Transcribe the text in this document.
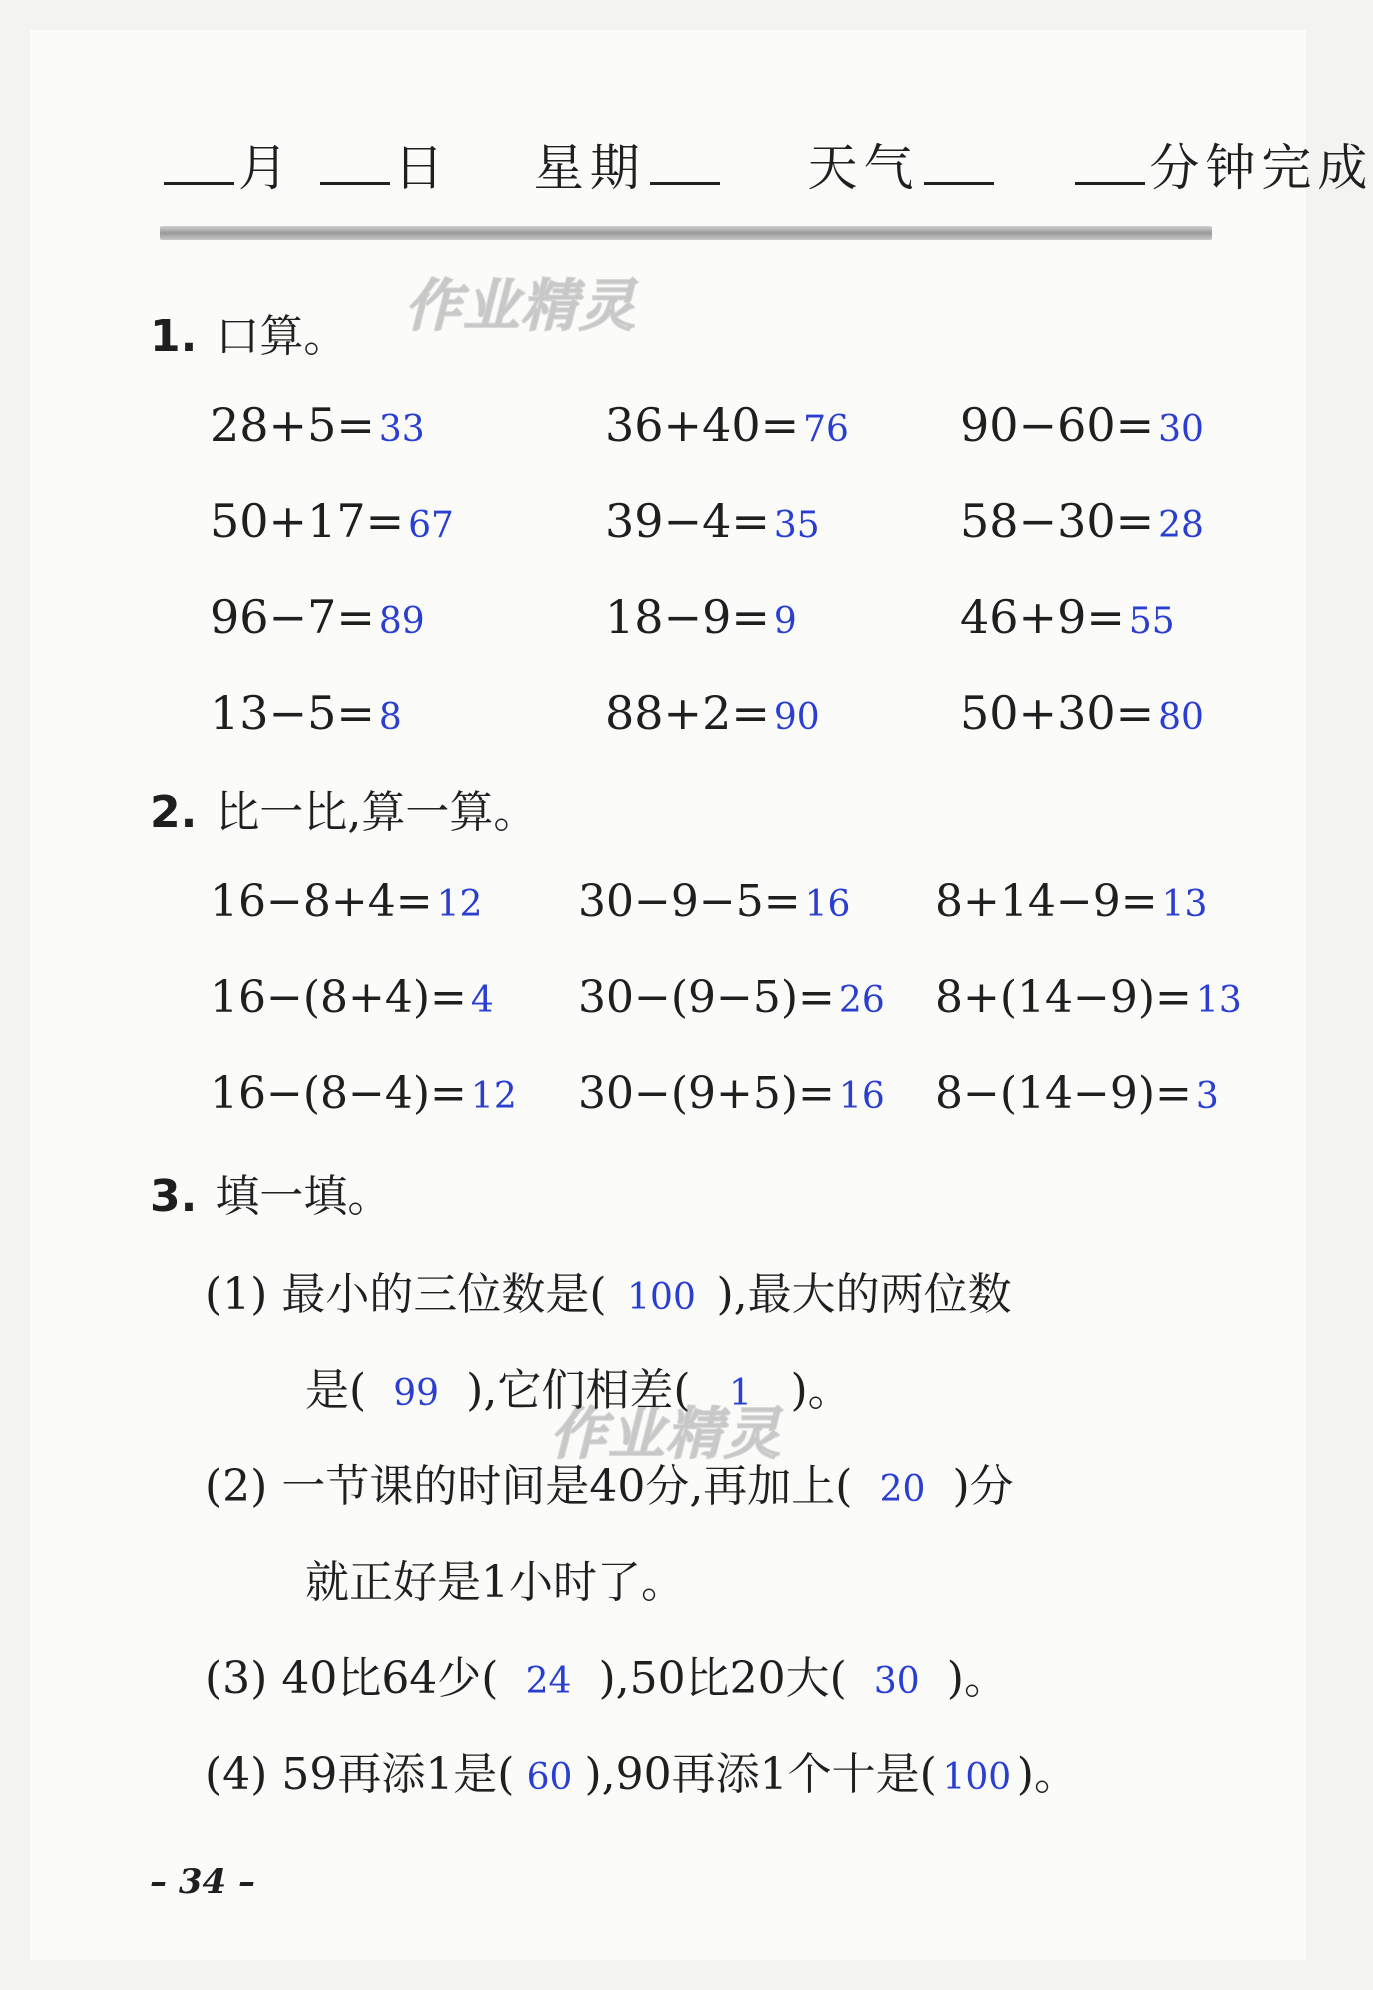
月 日 星期	天气	分钟完成
作业精灵
作业精灵
1. 口算。
28+5= 33	36+40= 76 90−60= 30
50+17= 67	39−4= 35	58−30= 28
96−7= 89	18−9= 9	46+9= 55
13−5= 8	88+2= 90	50+30= 80
2. 比一比,算一算。
16−8+4= 12 30−9−5= 16 8+14−9= 13
16−(8+4)= 4 30−(9−5)= 26 8+(14−9)= 13
16−(8−4)= 12 30−(9+5)= 16 8−(14−9)= 3
3. 填一填。
(1) 最小的三位数是( 100 ),最大的两位数
是( 99 ),它们相差( 1 )。
(2) 一节课的时间是40分,再加上( 20 )分
就正好是1小时了。
(3) 40比64少( 24 ),50比20大( 30 )。
(4) 59再添1是( 60 ),90再添1个十是( 100 )。
– 34 –
